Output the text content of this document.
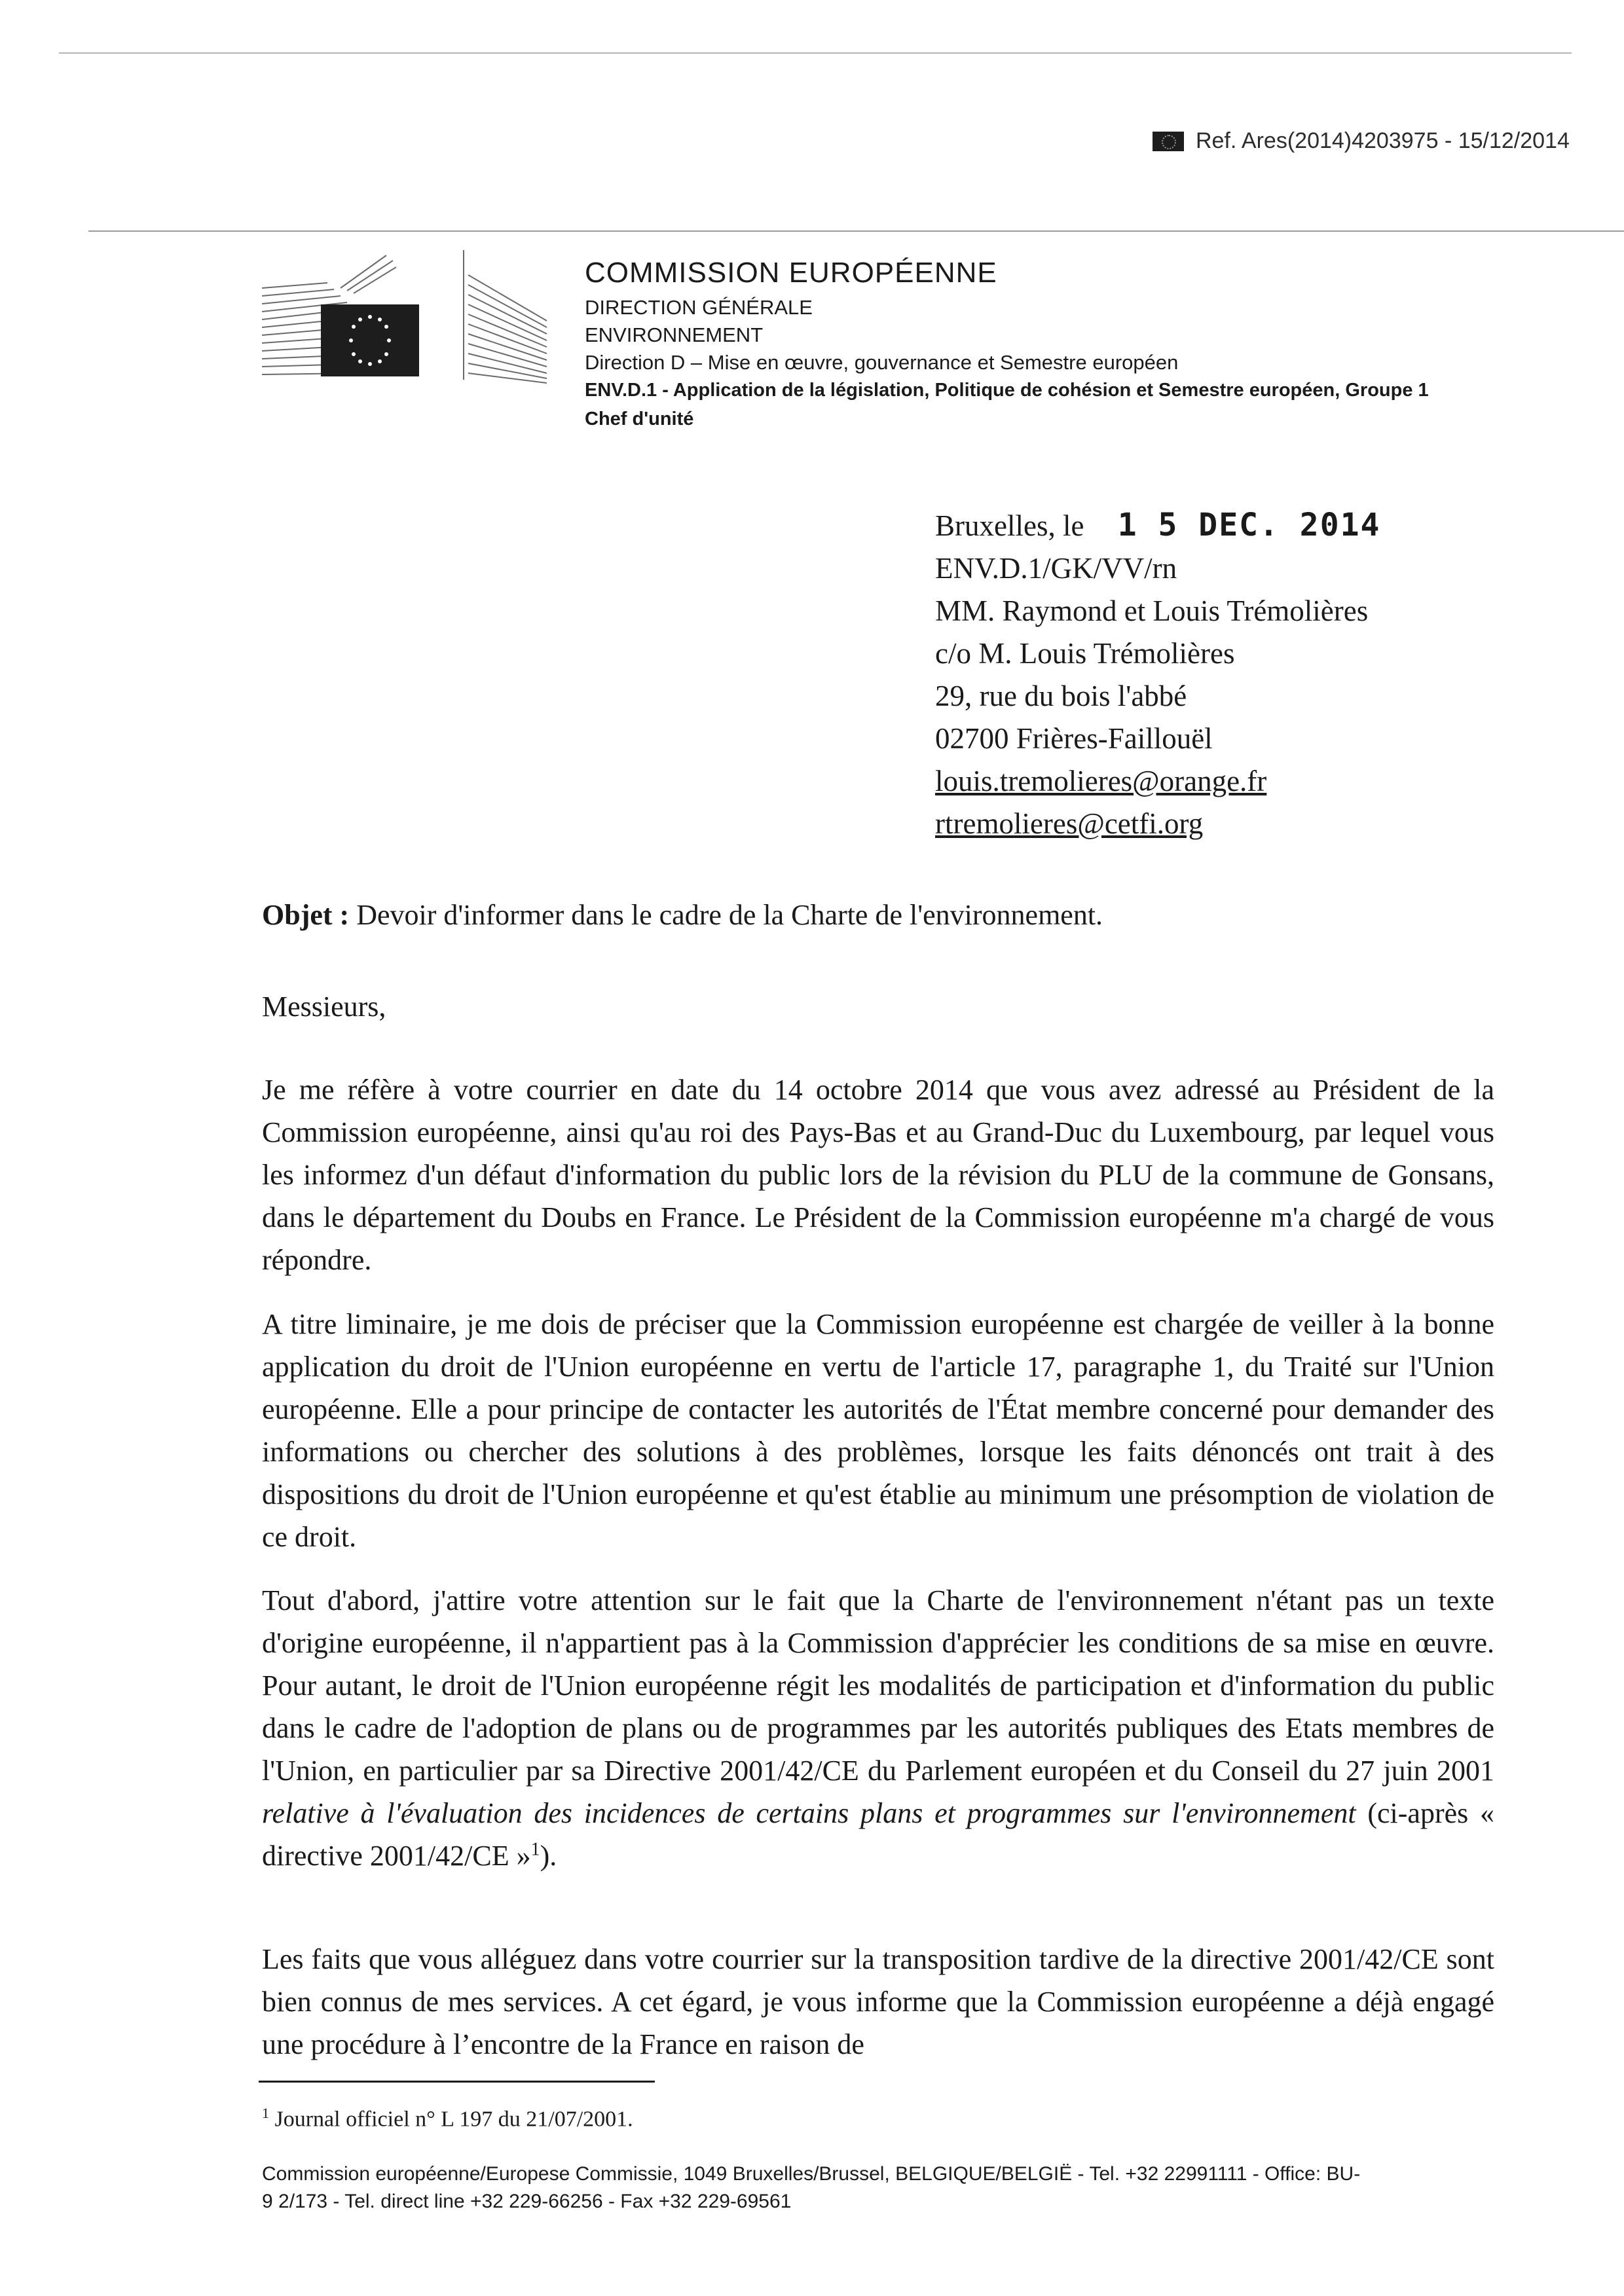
Ref. Ares(2014)4203975 - 15/12/2014
COMMISSION EUROPÉENNE
DIRECTION GÉNÉRALE
ENVIRONNEMENT
Direction D – Mise en œuvre, gouvernance et Semestre européen
ENV.D.1 - Application de la législation, Politique de cohésion et Semestre européen, Groupe 1
Chef d'unité
Bruxelles, le 1 5 DEC. 2014
ENV.D.1/GK/VV/rn
MM. Raymond et Louis Trémolières
c/o M. Louis Trémolières
29, rue du bois l'abbé
02700 Frières-Faillouël
louis.tremolieres@orange.fr
rtremolieres@cetfi.org
Objet : Devoir d'informer dans le cadre de la Charte de l'environnement.
Messieurs,

Je me réfère à votre courrier en date du 14 octobre 2014 que vous avez adressé au Président de la Commission européenne, ainsi qu'au roi des Pays-Bas et au Grand-Duc du Luxembourg, par lequel vous les informez d'un défaut d'information du public lors de la révision du PLU de la commune de Gonsans, dans le département du Doubs en France. Le Président de la Commission européenne m'a chargé de vous répondre.

A titre liminaire, je me dois de préciser que la Commission européenne est chargée de veiller à la bonne application du droit de l'Union européenne en vertu de l'article 17, paragraphe 1, du Traité sur l'Union européenne. Elle a pour principe de contacter les autorités de l'État membre concerné pour demander des informations ou chercher des solutions à des problèmes, lorsque les faits dénoncés ont trait à des dispositions du droit de l'Union européenne et qu'est établie au minimum une présomption de violation de ce droit.

Tout d'abord, j'attire votre attention sur le fait que la Charte de l'environnement n'étant pas un texte d'origine européenne, il n'appartient pas à la Commission d'apprécier les conditions de sa mise en œuvre. Pour autant, le droit de l'Union européenne régit les modalités de participation et d'information du public dans le cadre de l'adoption de plans ou de programmes par les autorités publiques des Etats membres de l'Union, en particulier par sa Directive 2001/42/CE du Parlement européen et du Conseil du 27 juin 2001 relative à l'évaluation des incidences de certains plans et programmes sur l'environnement (ci-après « directive 2001/42/CE »$^1$).

Les faits que vous alléguez dans votre courrier sur la transposition tardive de la directive 2001/42/CE sont bien connus de mes services. A cet égard, je vous informe que la Commission européenne a déjà engagé une procédure à l’encontre de la France en raison de

$^1$ Journal officiel n° L 197 du 21/07/2001.
Commission européenne/Europese Commissie, 1049 Bruxelles/Brussel, BELGIQUE/BELGIË - Tel. +32 22991111 - Office: BU-
9 2/173 - Tel. direct line +32 229-66256 - Fax +32 229-69561
